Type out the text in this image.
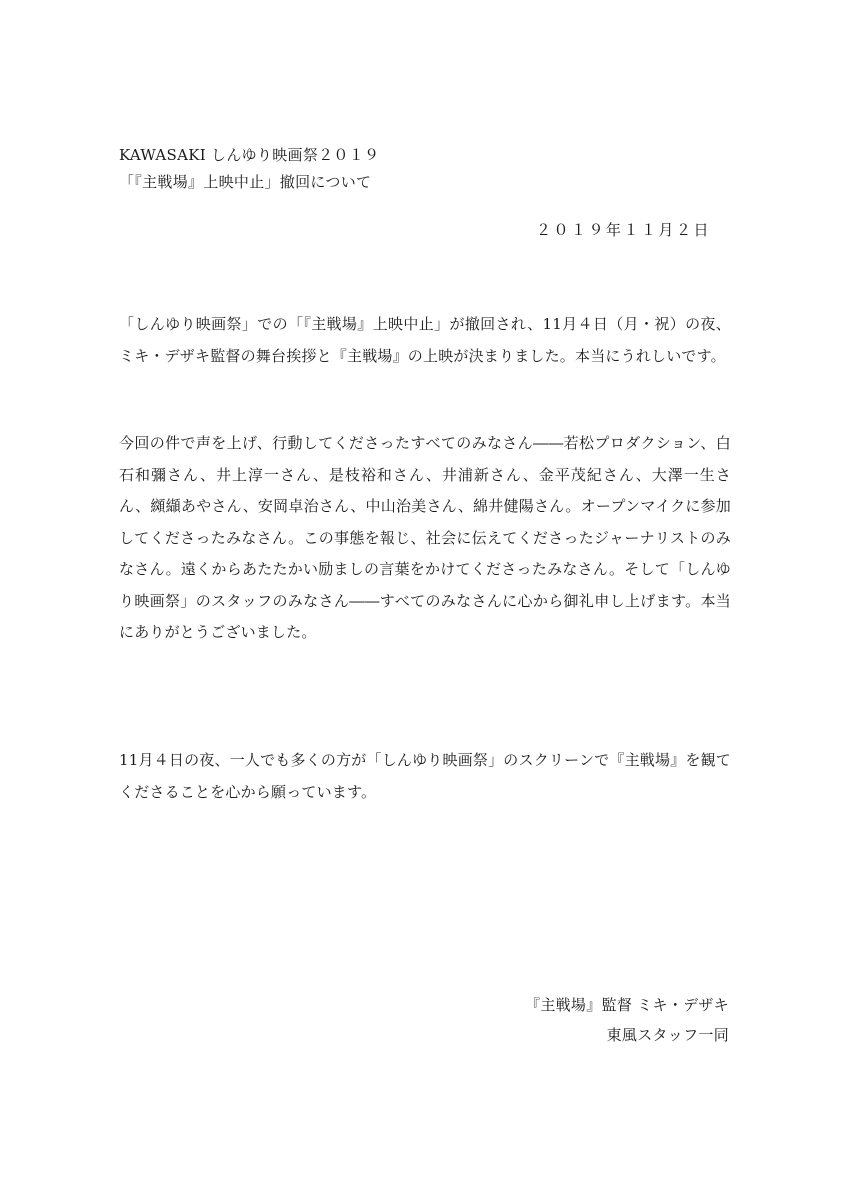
KAWASAKI しんゆり映画祭２０１９
「『主戦場』上映中止」撤回について
２０１９年１１月２日

「しんゆり映画祭」での「『主戦場』上映中止」が撤回され、11月４日（月・祝）の夜、ミキ・デザキ監督の舞台挨拶と『主戦場』の上映が決まりました。本当にうれしいです。

今回の件で声を上げ、行動してくださったすべてのみなさん――若松プロダクション、白石和彌さん、井上淳一さん、是枝裕和さん、井浦新さん、金平茂紀さん、大澤一生さん、纐纈あやさん、安岡卓治さん、中山治美さん、綿井健陽さん。オープンマイクに参加してくださったみなさん。この事態を報じ、社会に伝えてくださったジャーナリストのみなさん。遠くからあたたかい励ましの言葉をかけてくださったみなさん。そして「しんゆり映画祭」のスタッフのみなさん――すべてのみなさんに心から御礼申し上げます。本当にありがとうございました。

11月４日の夜、一人でも多くの方が「しんゆり映画祭」のスクリーンで『主戦場』を観てくださることを心から願っています。

『主戦場』監督 ミキ・デザキ
東風スタッフ一同
